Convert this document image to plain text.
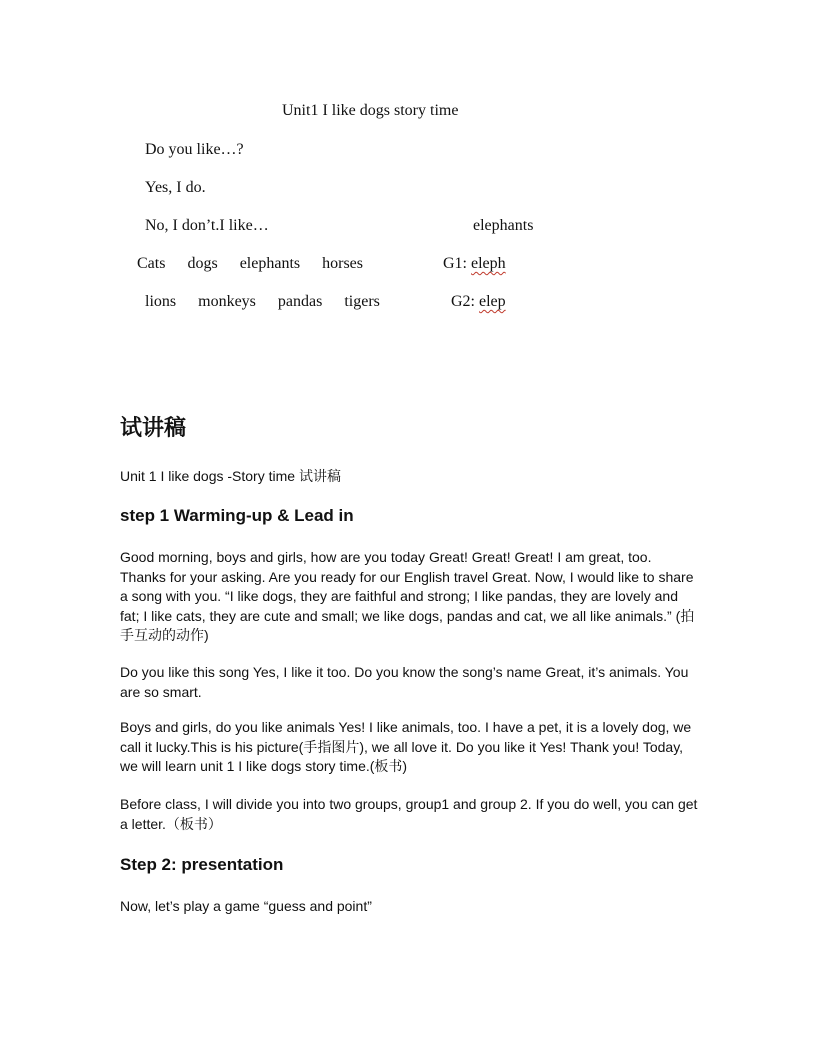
Unit1 I like dogs story time
Do you like…?
Yes, I do.
No, I don’t.I like…	elephants
Cats dogs elephants horses	G1: eleph
lions monkeys pandas tigers	G2: elep
试讲稿
Unit 1 I like dogs -Story time 试讲稿
step 1 Warming-up & Lead in
Good morning, boys and girls, how are you today Great! Great! Great! I am great, too. Thanks for your asking. Are you ready for our English travel Great. Now, I would like to share a song with you. “I like dogs, they are faithful and strong; I like pandas, they are lovely and fat; I like cats, they are cute and small; we like dogs, pandas and cat, we all like animals.” (拍手互动的动作)
Do you like this song Yes, I like it too. Do you know the song’s name Great, it’s animals. You are so smart.
Boys and girls, do you like animals Yes! I like animals, too. I have a pet, it is a lovely dog, we call it lucky.This is his picture(手指图片), we all love it. Do you like it Yes! Thank you! Today, we will learn unit 1 I like dogs story time.(板书)
Before class, I will divide you into two groups, group1 and group 2. If you do well, you can get a letter.（板书）
Step 2: presentation
Now, let’s play a game “guess and point”
